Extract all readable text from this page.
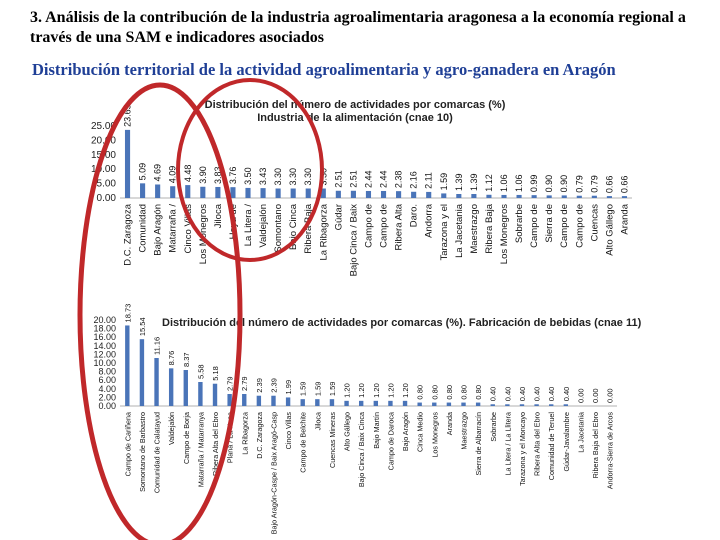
3. Análisis de la contribución de la industria agroalimentaria aragonesa a la economía regional a través de una SAM e indicadores asociados
Distribución territorial de la actividad agroalimentaria y agro-ganadera en Aragón
Distribución del número de actividades por comarcas (%)
Industria de la alimentación (cnae 10)
0.00
5.00
10.00
15.00
20.00
25.00 23.65
D.C. Zaragoza
5.09
Comunidad
4.69
Bajo Aragón
4.09
Matarraña /
4.48
Cinco Villas
3.90
Los Monegros
3.83
Jiloca
3.76
Hoya de
3.50
La Litera /
3.43
Valdejalón
3.30
Somontano
3.30
Bajo Cinca
3.30
Ribera Baja
3.30
La Ribagorza
2.51
Gúdar
2.51
Bajo Cinca / Baix
2.44
Campo de
2.44
Campo de
2.38
Ribera Alta
2.16
Daro.
2.11
Andorra
1.59
Tarazona y el
1.39
La Jacetania
1.39
Maestrazgo
1.12
Ribera Baja
1.06
Los Monegros
1.06
Sobrarbe
0.99
Campo de
0.90
Sierra de
0.90
Campo de
0.79
Campo de
0.79
Cuencas
0.66
Alto Gállego
0.66
Aranda
Distribución del número de actividades por comarcas (%). Fabricación de bebidas (cnae 11)
0.00
2.00
4.00
6.00
8.00
10.00
12.00
14.00
16.00
18.00
20.00 18.73
Campo de Cariñena
15.54
Somontano de Barbastro
11.16
Comunidad de Calatayud
8.76
Valdejalón
8.37
Campo de Borja
5.58
Matarraña / Matarranya
5.18
Ribera Alta del Ebro
2.79
Plana / La Nasa
2.79
La Ribagorza
2.39
D.C. Zaragoza
2.39
Bajo Aragón-Caspe / Baix Aragó-Casp
1.99
Cinco Villas
1.59
Campo de Belchite
1.59
Jiloca
1.59
Cuencas Mineras
1.20
Alto Gállego
1.20
Bajo Cinca / Baix Cinca
1.20
Bajo Martín
1.20
Campo de Daroca
1.20
Bajo Aragón
0.80
Cinca Medio
0.80
Los Monegros
0.80
Aranda
0.80
Maestrazgo
0.80
Sierra de Albarracín
0.40
Sobrarbe
0.40
La Litera / La Llitera
0.40
Tarazona y el Moncayo
0.40
Ribera Alta del Ebro
0.40
Comunidad de Teruel
0.40
Gúdar-Javalambre
0.00
La Jacetania
0.00
Ribera Baja del Ebro
0.00
Andorra-Sierra de Arcos
